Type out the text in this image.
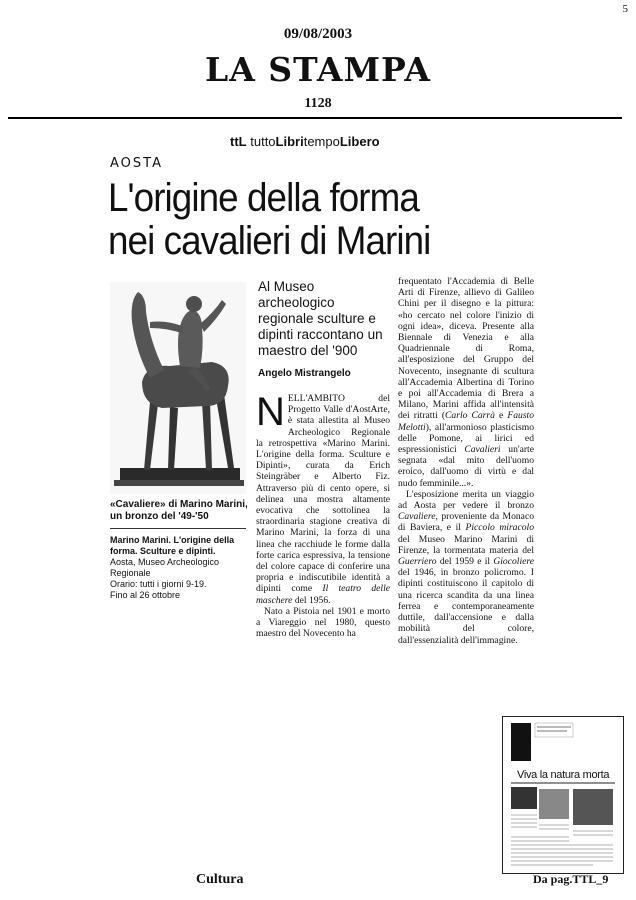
5
09/08/2003
LA STAMPA
1128
ttL tuttoLibritempoLibero
AOSTA
L'origine della forma
nei cavalieri di Marini
«Cavaliere» di Marino Marini, un bronzo del '49-'50
Marino Marini. L'origine della forma. Sculture e dipinti.
Aosta, Museo Archeologico Regionale
Orario: tutti i giorni 9-19.
Fino al 26 ottobre
Al Museo archeologico regionale sculture e dipinti raccontano un maestro del '900
Angelo Mistrangelo

NELL'AMBITO del Progetto Valle d'AostArte, è stata allestita al Museo Archeologico Regionale la retrospettiva «Marino Marini. L'origine della forma. Sculture e Dipinti», curata da Erich Steingräber e Alberto Fiz. Attraverso più di cento opere, si delinea una mostra altamente evocativa che sottolinea la straordinaria stagione creativa di Marino Marini, la forza di una linea che racchiude le forme dalla forte carica espressiva, la tensione del colore capace di conferire una propria e indiscutibile identità a dipinti come Il teatro delle maschere del 1956.

Nato a Pistoia nel 1901 e morto a Viareggio nel 1980, questo maestro del Novecento ha

frequentato l'Accademia di Belle Arti di Firenze, allievo di Galileo Chini per il disegno e la pittura: «ho cercato nel colore l'inizio di ogni idea», diceva. Presente alla Biennale di Venezia e alla Quadriennale di Roma, all'esposizione del Gruppo del Novecento, insegnante di scultura all'Accademia Albertina di Torino e poi all'Accademia di Brera a Milano, Marini affida all'intensità dei ritratti (Carlo Carrà e Fausto Melotti), all'armonioso plasticismo delle Pomone, ai lirici ed espressionistici Cavalieri un'arte segnata «dal mito dell'uomo eroico, dall'uomo di virtù e dal nudo femminile...».

L'esposizione merita un viaggio ad Aosta per vedere il bronzo Cavaliere, proveniente da Monaco di Baviera, e il Piccolo miracolo del Museo Marino Marini di Firenze, la tormentata materia del Guerriero del 1959 e il Giocoliere del 1946, in bronzo policromo. I dipinti costituiscono il capitolo di una ricerca scandita da una linea ferrea e contemporaneamente duttile, dall'accensione e dalla mobilità del colore, dall'essenzialità dell'immagine.

Viva la natura morta
Cultura	Da pag.TTL_9
